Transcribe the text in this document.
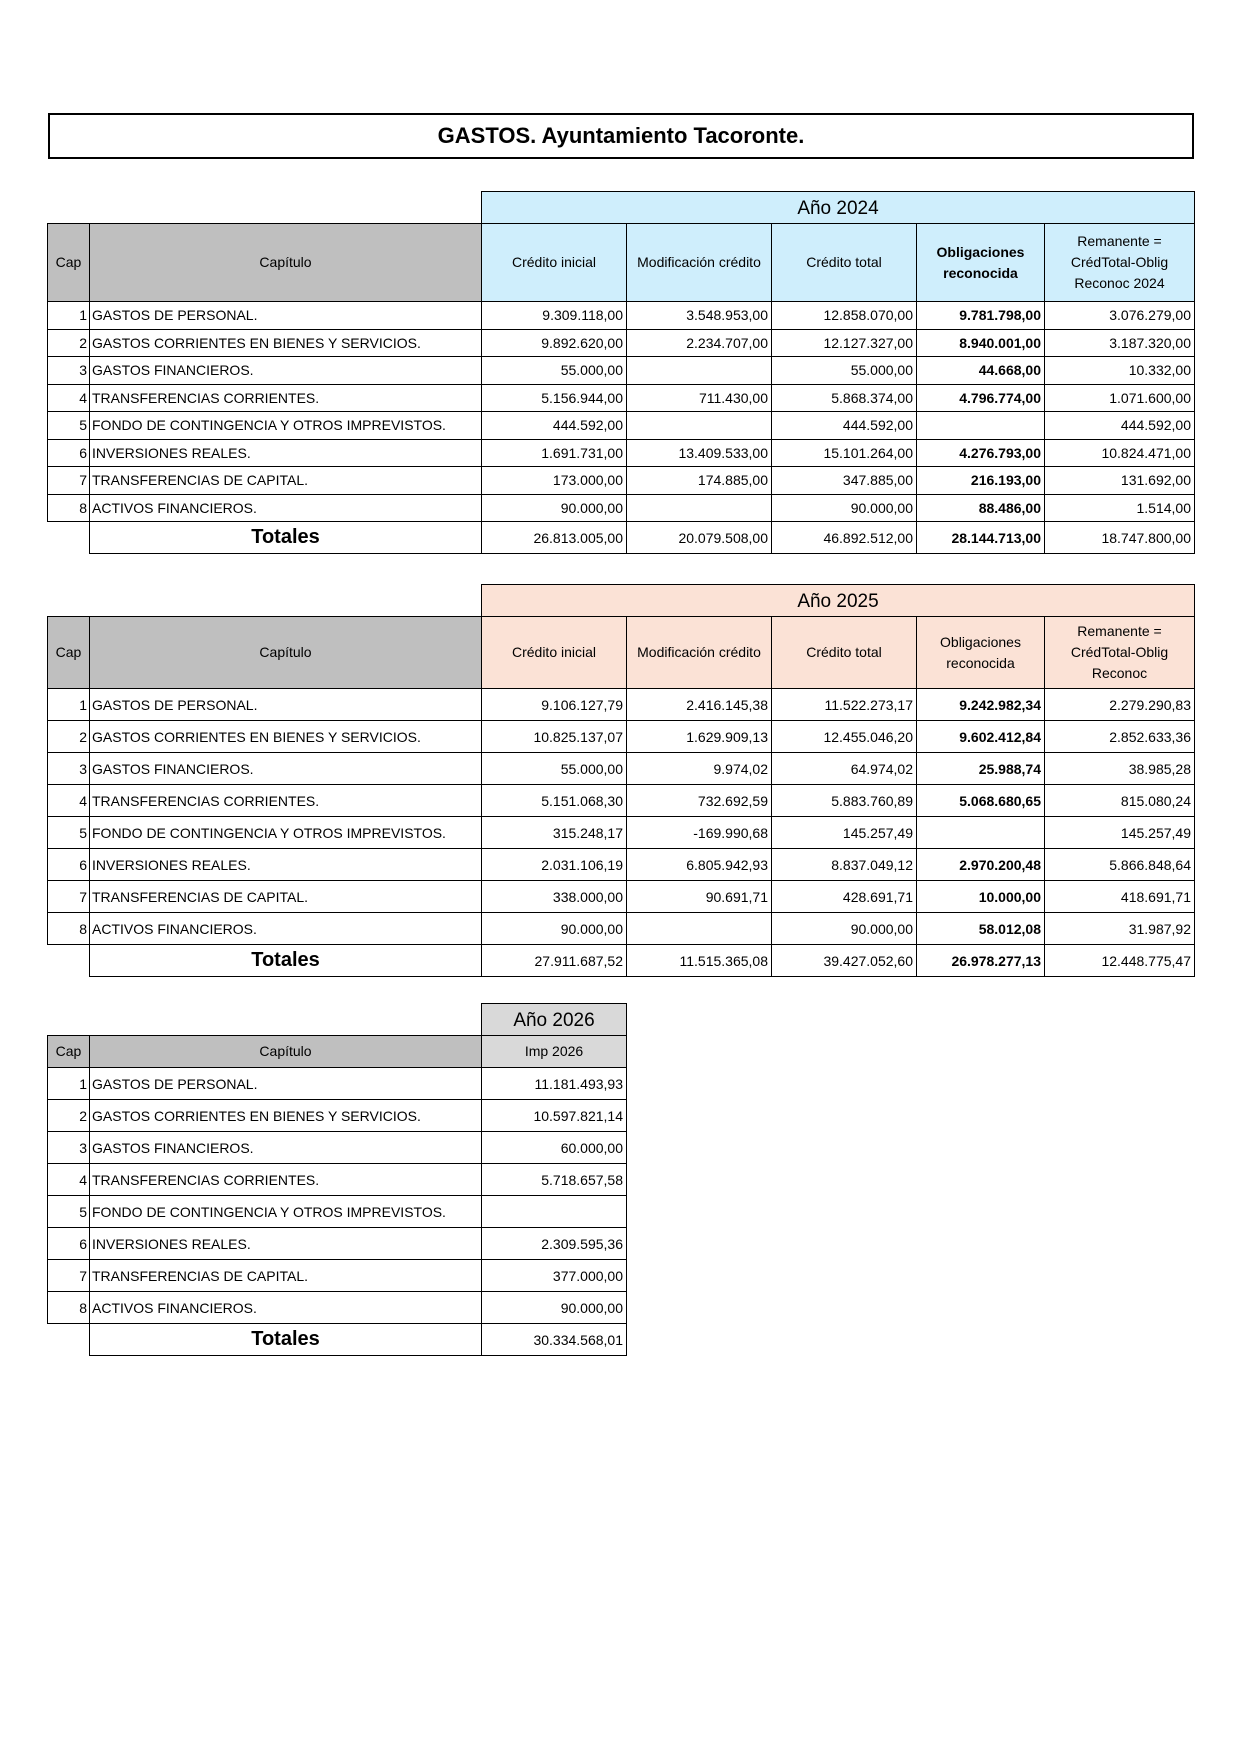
GASTOS. Ayuntamiento Tacoronte.
		Año 2024				
Cap	Capítulo	Crédito inicial	Modificación crédito	Crédito total	Obligaciones reconocida	Remanente = CrédTotal-Oblig Reconoc 2024
1	GASTOS DE PERSONAL.	9.309.118,00	3.548.953,00	12.858.070,00	9.781.798,00	3.076.279,00
2	GASTOS CORRIENTES EN BIENES Y SERVICIOS.	9.892.620,00	2.234.707,00	12.127.327,00	8.940.001,00	3.187.320,00
3	GASTOS FINANCIEROS.	55.000,00		55.000,00	44.668,00	10.332,00
4	TRANSFERENCIAS CORRIENTES.	5.156.944,00	711.430,00	5.868.374,00	4.796.774,00	1.071.600,00
5	FONDO DE CONTINGENCIA Y OTROS IMPREVISTOS.	444.592,00		444.592,00		444.592,00
6	INVERSIONES REALES.	1.691.731,00	13.409.533,00	15.101.264,00	4.276.793,00	10.824.471,00
7	TRANSFERENCIAS DE CAPITAL.	173.000,00	174.885,00	347.885,00	216.193,00	131.692,00
8	ACTIVOS FINANCIEROS.	90.000,00		90.000,00	88.486,00	1.514,00
	Totales	26.813.005,00	20.079.508,00	46.892.512,00	28.144.713,00	18.747.800,00
		Año 2025				
Cap	Capítulo	Crédito inicial	Modificación crédito	Crédito total	Obligaciones reconocida	Remanente = CrédTotal-Oblig Reconoc
1	GASTOS DE PERSONAL.	9.106.127,79	2.416.145,38	11.522.273,17	9.242.982,34	2.279.290,83
2	GASTOS CORRIENTES EN BIENES Y SERVICIOS.	10.825.137,07	1.629.909,13	12.455.046,20	9.602.412,84	2.852.633,36
3	GASTOS FINANCIEROS.	55.000,00	9.974,02	64.974,02	25.988,74	38.985,28
4	TRANSFERENCIAS CORRIENTES.	5.151.068,30	732.692,59	5.883.760,89	5.068.680,65	815.080,24
5	FONDO DE CONTINGENCIA Y OTROS IMPREVISTOS.	315.248,17	-169.990,68	145.257,49		145.257,49
6	INVERSIONES REALES.	2.031.106,19	6.805.942,93	8.837.049,12	2.970.200,48	5.866.848,64
7	TRANSFERENCIAS DE CAPITAL.	338.000,00	90.691,71	428.691,71	10.000,00	418.691,71
8	ACTIVOS FINANCIEROS.	90.000,00		90.000,00	58.012,08	31.987,92
	Totales	27.911.687,52	11.515.365,08	39.427.052,60	26.978.277,13	12.448.775,47
		Año 2026
Cap	Capítulo	Imp 2026
1	GASTOS DE PERSONAL.	11.181.493,93
2	GASTOS CORRIENTES EN BIENES Y SERVICIOS.	10.597.821,14
3	GASTOS FINANCIEROS.	60.000,00
4	TRANSFERENCIAS CORRIENTES.	5.718.657,58
5	FONDO DE CONTINGENCIA Y OTROS IMPREVISTOS.	
6	INVERSIONES REALES.	2.309.595,36
7	TRANSFERENCIAS DE CAPITAL.	377.000,00
8	ACTIVOS FINANCIEROS.	90.000,00
	Totales	30.334.568,01
